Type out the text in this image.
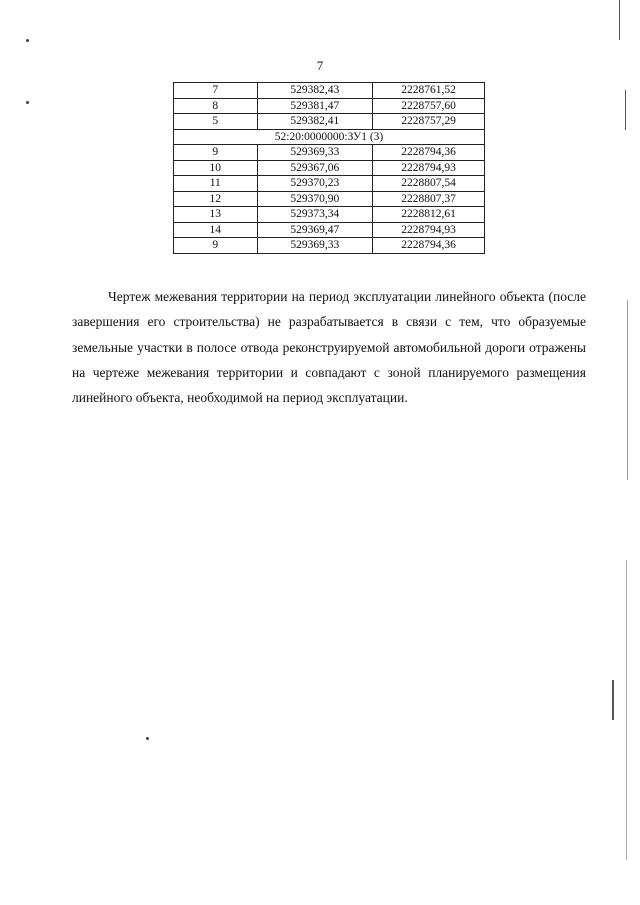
7
7	529382,43	2228761,52
8	529381,47	2228757,60
5	529382,41	2228757,29
52:20:0000000:ЗУ1 (3)		
9	529369,33	2228794,36
10	529367,06	2228794,93
11	529370,23	2228807,54
12	529370,90	2228807,37
13	529373,34	2228812,61
14	529369,47	2228794,93
9	529369,33	2228794,36

Чертеж межевания территории на период эксплуатации линейного объекта (после завершения его строительства) не разрабатывается в связи с тем, что образуемые земельные участки в полосе отвода реконструируемой автомобильной дороги отражены на чертеже межевания территории и совпадают с зоной планируемого размещения линейного объекта, необходимой на период эксплуатации.
